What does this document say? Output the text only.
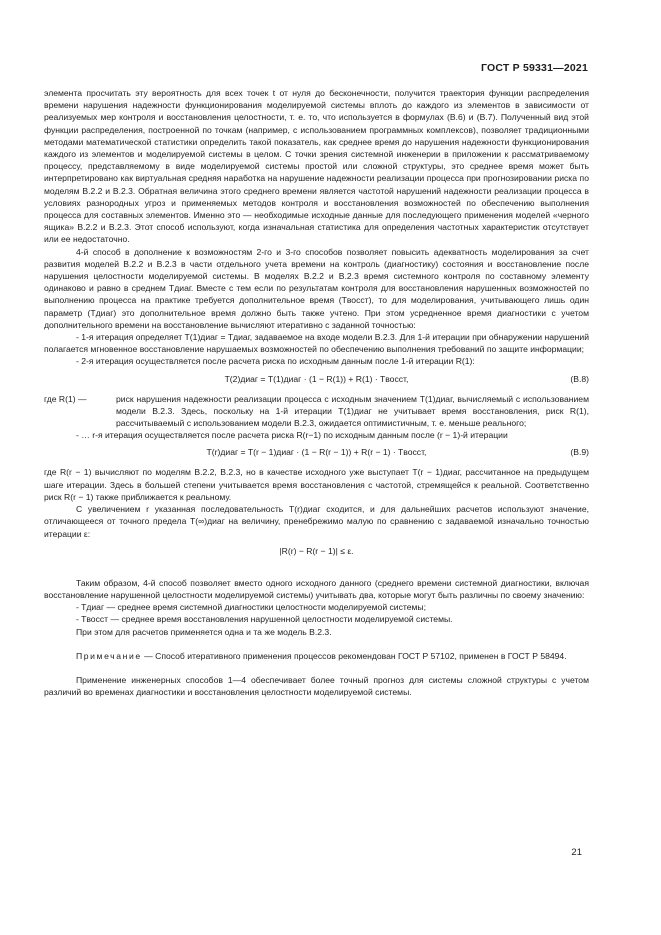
ГОСТ Р 59331—2021

элемента просчитать эту вероятность для всех точек t от нуля до бесконечности, получится траектория функции распределения времени нарушения надежности функционирования моделируемой системы вплоть до каждого из элементов в зависимости от реализуемых мер контроля и восстановления целостности, т. е. то, что используется в формулах (В.6) и (В.7). Полученный вид этой функции распределения, построенной по точкам (например, с использованием программных комплексов), позволяет традиционными методами математической статистики определить такой показатель, как среднее время до нарушения надежности функционирования каждого из элементов и моделируемой системы в целом. С точки зрения системной инженерии в приложении к рассматриваемому процессу, представляемому в виде моделируемой системы простой или сложной структуры, это среднее время может быть интерпретировано как виртуальная средняя наработка на нарушение надежности реализации процесса при прогнозировании риска по моделям В.2.2 и В.2.3. Обратная величина этого среднего времени является частотой нарушений надежности реализации процесса в условиях разнородных угроз и применяемых методов контроля и восстановления возможностей по обеспечению выполнения процесса для составных элементов. Именно это — необходимые исходные данные для последующего применения моделей «черного ящика» В.2.2 и В.2.3. Этот способ используют, когда изначальная статистика для определения частотных характеристик отсутствует или ее недостаточно.

4-й способ в дополнение к возможностям 2-го и 3-го способов позволяет повысить адекватность моделирования за счет развития моделей В.2.2 и В.2.3 в части отдельного учета времени на контроль (диагностику) состояния и восстановление после нарушения целостности моделируемой системы. В моделях В.2.2 и В.2.3 время системного контроля по составному элементу одинаково и равно в среднем Tдиаг. Вместе с тем если по результатам контроля для восстановления нарушенных возможностей по выполнению процесса на практике требуется дополнительное время (Tвосст), то для моделирования, учитывающего лишь один параметр (Tдиаг) это дополнительное время должно быть также учтено. При этом усредненное время диагностики с учетом дополнительного времени на восстановление вычисляют итеративно с заданной точностью:

- 1-я итерация определяет T(1)диаг = Tдиаг, задаваемое на входе модели В.2.3. Для 1-й итерации при обнаружении нарушений полагается мгновенное восстановление нарушаемых возможностей по обеспечению выполнения требований по защите информации;

- 2-я итерация осуществляется после расчета риска по исходным данным после 1-й итерации R(1):

T(2)диаг = T(1)диаг · (1 − R(1)) + R(1) · Tвосст,	(В.8)
где R(1) —	риск нарушения надежности реализации процесса с исходным значением T(1)диаг, вычисляемый с использованием модели В.2.3. Здесь, поскольку на 1-й итерации T(1)диаг не учитывает время восстановления, риск R(1), рассчитываемый с использованием модели В.2.3, ожидается оптимистичным, т. е. меньше реального;

- … r-я итерация осуществляется после расчета риска R(r−1) по исходным данным после (r − 1)-й итерации

T(r)диаг = T(r − 1)диаг · (1 − R(r − 1)) + R(r − 1) · Tвосст,	(В.9)

где R(r − 1) вычисляют по моделям В.2.2, В.2.3, но в качестве исходного уже выступает T(r − 1)диаг, рассчитанное на предыдущем шаге итерации. Здесь в большей степени учитывается время восстановления с частотой, стремящейся к реальной. Соответственно риск R(r − 1) также приближается к реальному.

С увеличением r указанная последовательность T(r)диаг сходится, и для дальнейших расчетов используют значение, отличающееся от точного предела T(∞)диаг на величину, пренебрежимо малую по сравнению с задаваемой изначально точностью итерации ε:

|R(r) − R(r − 1)| ≤ ε.

Таким образом, 4-й способ позволяет вместо одного исходного данного (среднего времени системной диагностики, включая восстановление нарушенной целостности моделируемой системы) учитывать два, которые могут быть различны по своему значению:

- Tдиаг — среднее время системной диагностики целостности моделируемой системы;

- Tвосст — среднее время восстановления нарушенной целостности моделируемой системы.

При этом для расчетов применяется одна и та же модель В.2.3.

Примечание — Способ итеративного применения процессов рекомендован ГОСТ Р 57102, применен в ГОСТ Р 58494.

Применение инженерных способов 1—4 обеспечивает более точный прогноз для системы сложной структуры с учетом различий во временах диагностики и восстановления целостности моделируемой системы.

21
